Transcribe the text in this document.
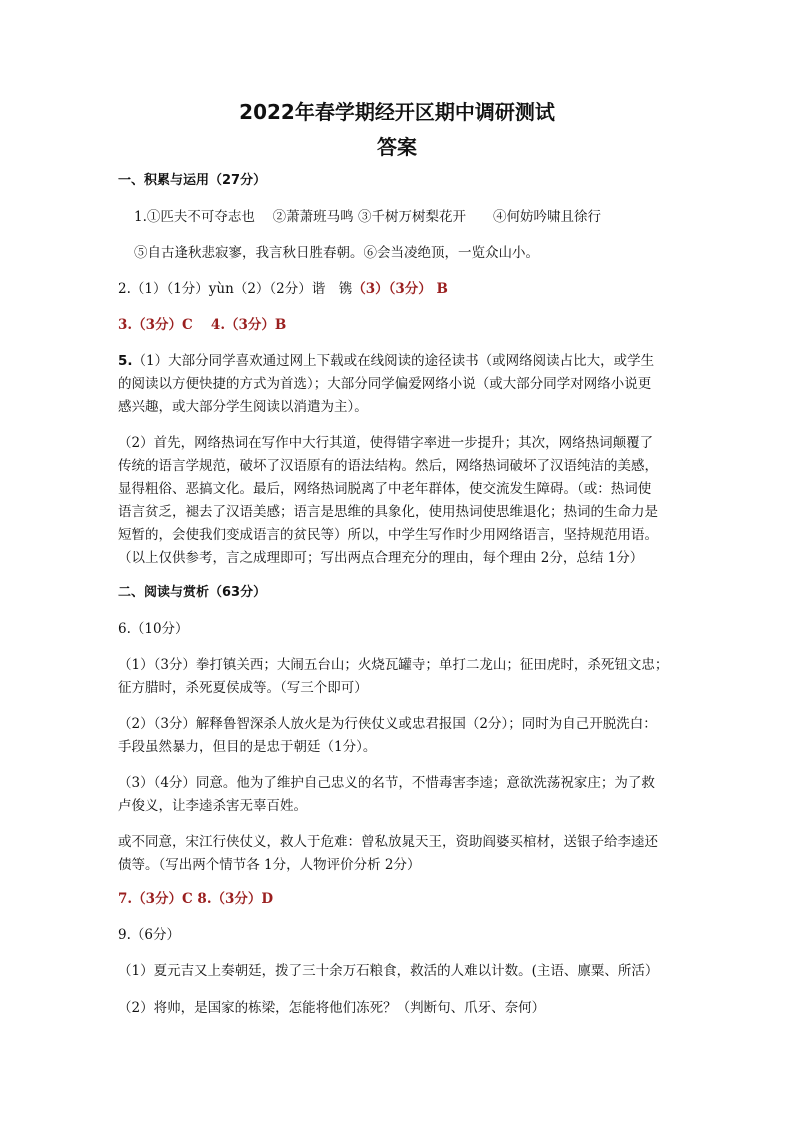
2022年春学期经开区期中调研测试
答案
一、积累与运用（27分）
1.①匹夫不可夺志也　 ②萧萧班马鸣 ③千树万树梨花开　　④何妨吟啸且徐行
⑤自古逢秋悲寂寥，我言秋日胜春朝。⑥会当凌绝顶，一览众山小。
2.（1）（1分）yùn（2）（2分）谐　镌（3）（3分） B
3.（3分）C　 4.（3分）B
5.（1）大部分同学喜欢通过网上下载或在线阅读的途径读书（或网络阅读占比大，或学生
的阅读以方便快捷的方式为首选）；大部分同学偏爱网络小说（或大部分同学对网络小说更
感兴趣，或大部分学生阅读以消遣为主）。
（2）首先，网络热词在写作中大行其道，使得错字率进一步提升；其次，网络热词颠覆了
传统的语言学规范，破坏了汉语原有的语法结构。然后，网络热词破坏了汉语纯洁的美感，
显得粗俗、恶搞文化。最后，网络热词脱离了中老年群体，使交流发生障碍。（或：热词使
语言贫乏，褪去了汉语美感；语言是思维的具象化，使用热词使思维退化；热词的生命力是
短暂的，会使我们变成语言的贫民等）所以，中学生写作时少用网络语言，坚持规范用语。
（以上仅供参考，言之成理即可；写出两点合理充分的理由，每个理由 2分，总结 1分）
二、阅读与赏析（63分）
6.（10分）
（1）（3分）拳打镇关西；大闹五台山；火烧瓦罐寺；单打二龙山；征田虎时，杀死钮文忠；
征方腊时，杀死夏侯成等。（写三个即可）
（2）（3分）解释鲁智深杀人放火是为行侠仗义或忠君报国（2分）；同时为自己开脱洗白：
手段虽然暴力，但目的是忠于朝廷（1分）。
（3）（4分）同意。他为了维护自己忠义的名节，不惜毒害李逵；意欲洗荡祝家庄；为了救
卢俊义，让李逵杀害无辜百姓。
或不同意，宋江行侠仗义，救人于危难：曾私放晁天王，资助阎婆买棺材，送银子给李逵还
债等。（写出两个情节各 1分，人物评价分析 2分）
7.（3分）C 8.（3分）D
9.（6分）
（1）夏元吉又上奏朝廷，拨了三十余万石粮食，救活的人难以计数。(主语、廪粟、所活）
（2）将帅，是国家的栋梁，怎能将他们冻死？（判断句、爪牙、奈何）
